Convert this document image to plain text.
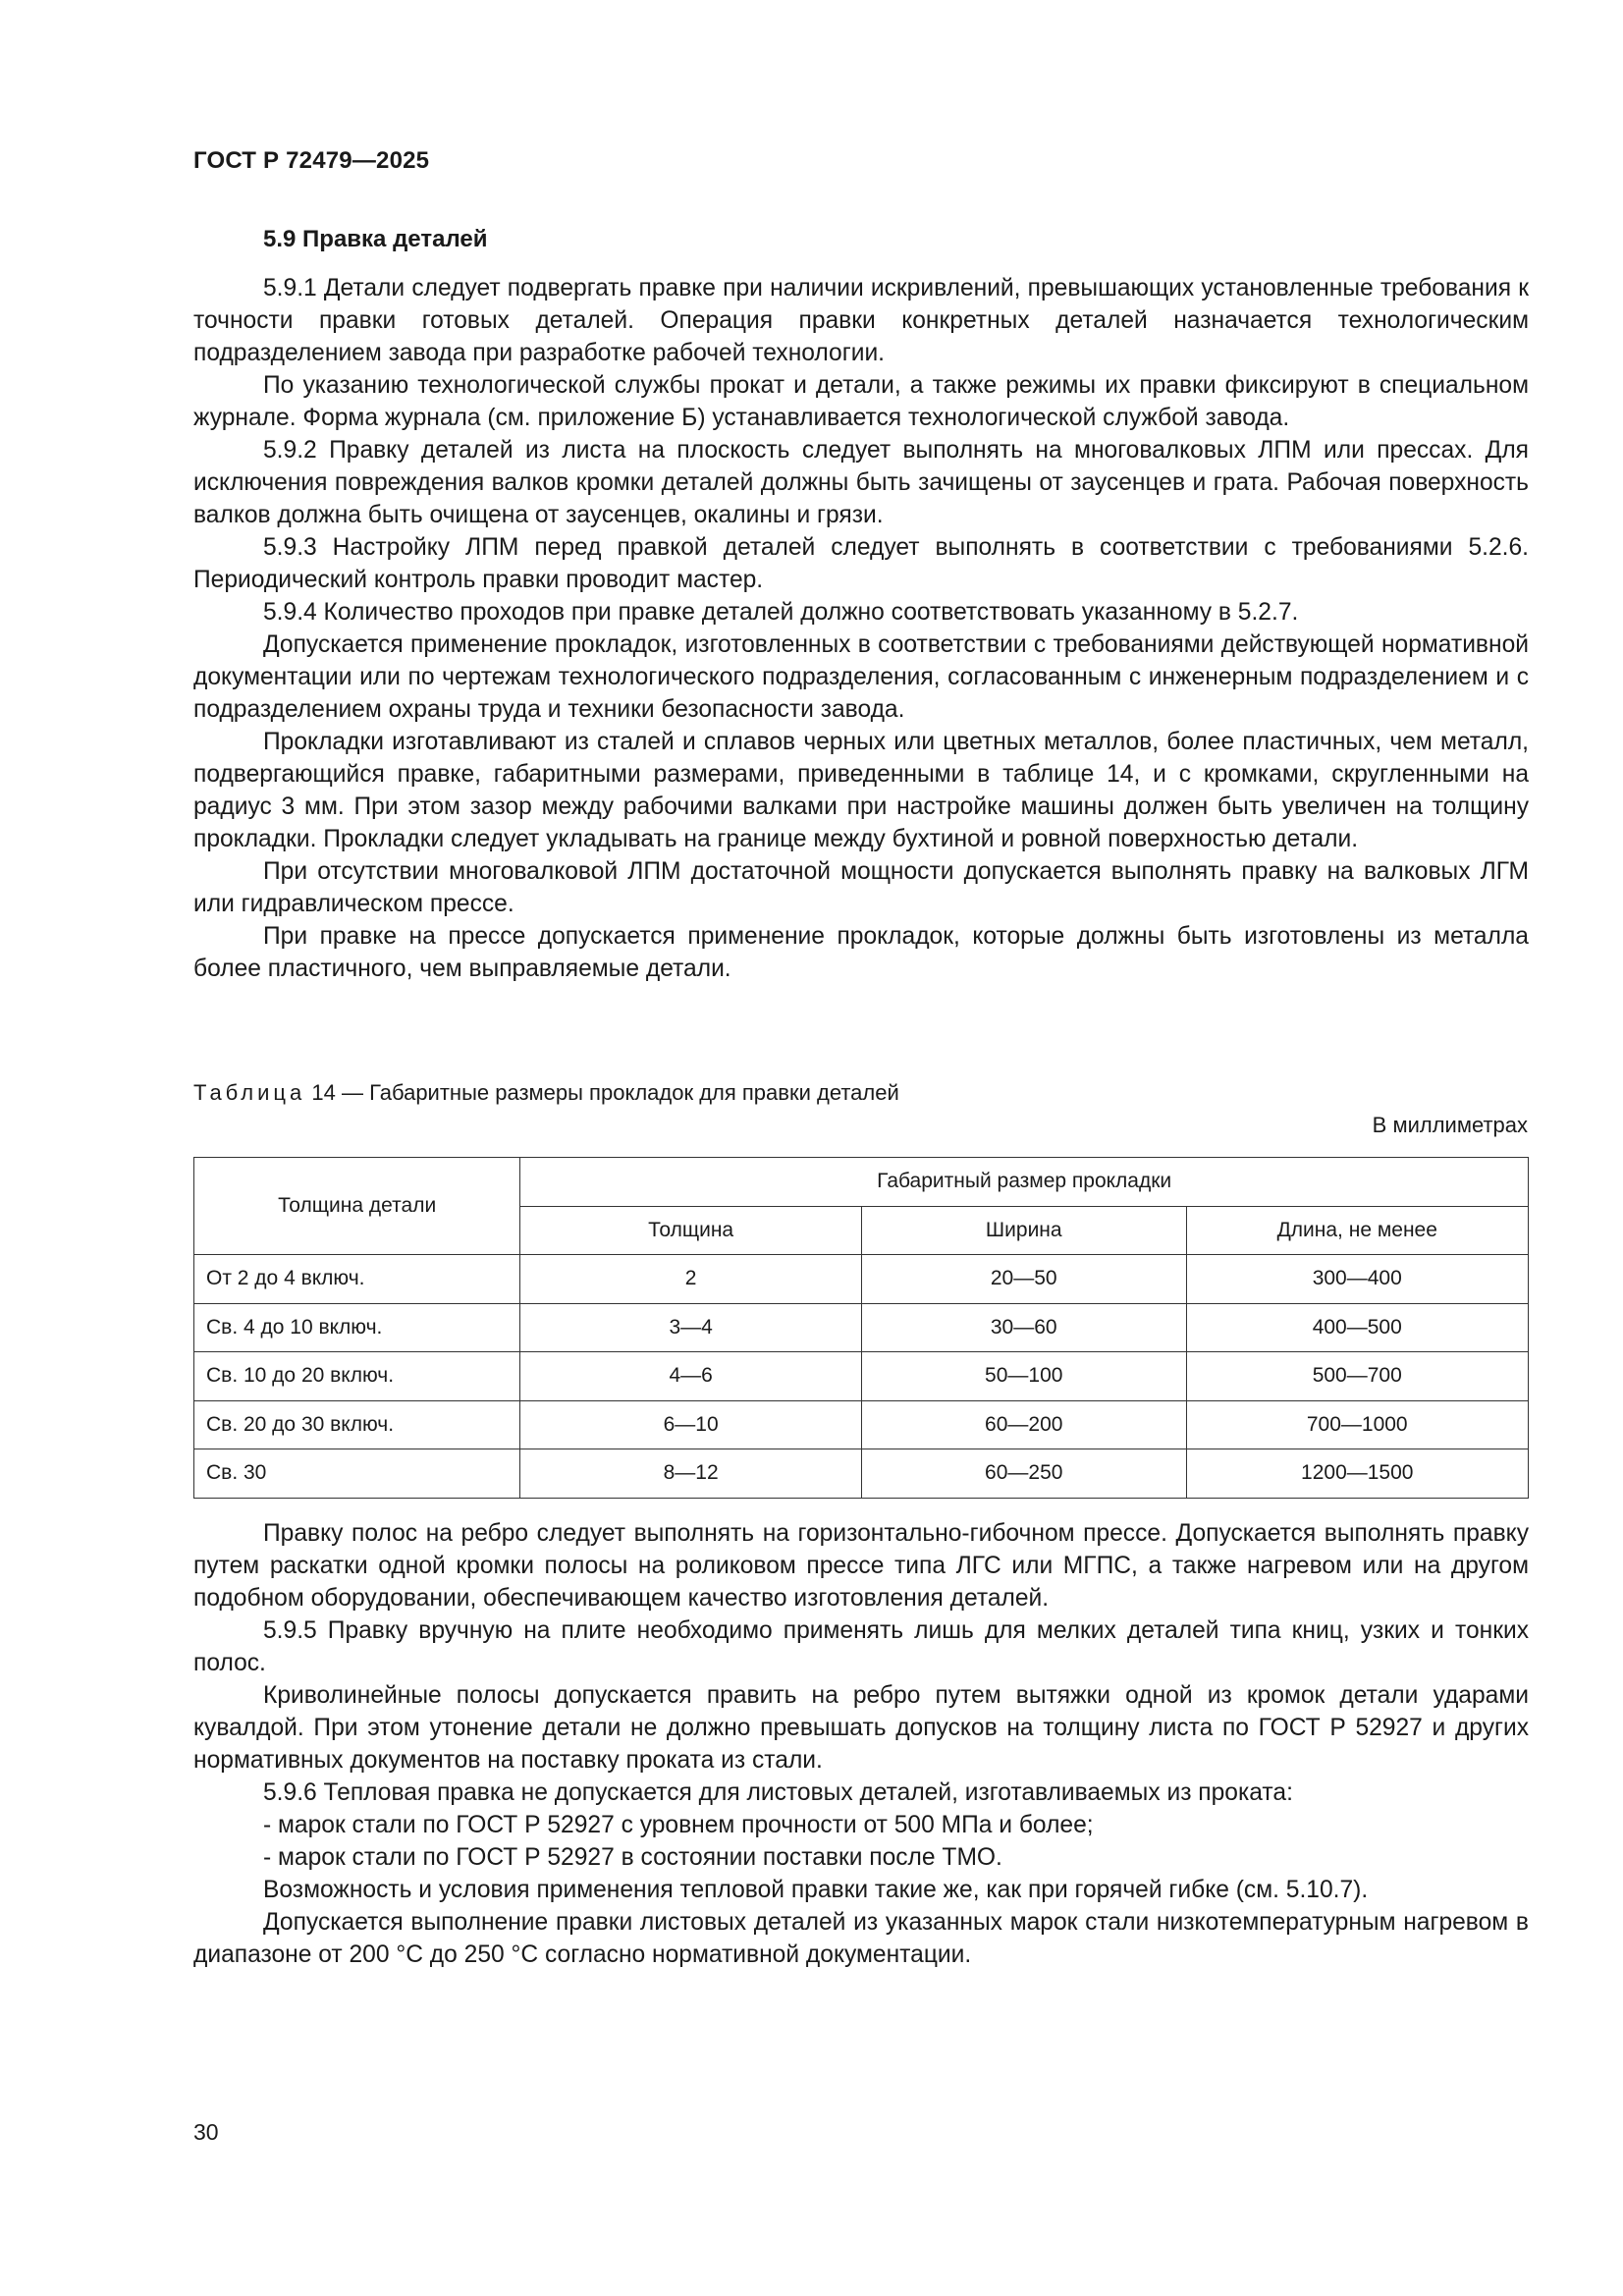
ГОСТ Р 72479—2025
5.9 Правка деталей

5.9.1 Детали следует подвергать правке при наличии искривлений, превышающих установленные требования к точности правки готовых деталей. Операция правки конкретных деталей назначается технологическим подразделением завода при разработке рабочей технологии.

По указанию технологической службы прокат и детали, а также режимы их правки фиксируют в специальном журнале. Форма журнала (см. приложение Б) устанавливается технологической службой завода.

5.9.2 Правку деталей из листа на плоскость следует выполнять на многовалковых ЛПМ или прессах. Для исключения повреждения валков кромки деталей должны быть зачищены от заусенцев и грата. Рабочая поверхность валков должна быть очищена от заусенцев, окалины и грязи.

5.9.3 Настройку ЛПМ перед правкой деталей следует выполнять в соответствии с требованиями 5.2.6. Периодический контроль правки проводит мастер.

5.9.4 Количество проходов при правке деталей должно соответствовать указанному в 5.2.7.

Допускается применение прокладок, изготовленных в соответствии с требованиями действующей нормативной документации или по чертежам технологического подразделения, согласованным с инженерным подразделением и с подразделением охраны труда и техники безопасности завода.

Прокладки изготавливают из сталей и сплавов черных или цветных металлов, более пластичных, чем металл, подвергающийся правке, габаритными размерами, приведенными в таблице 14, и с кромками, скругленными на радиус 3 мм. При этом зазор между рабочими валками при настройке машины должен быть увеличен на толщину прокладки. Прокладки следует укладывать на границе между бухтиной и ровной поверхностью детали.

При отсутствии многовалковой ЛПМ достаточной мощности допускается выполнять правку на валковых ЛГМ или гидравлическом прессе.

При правке на прессе допускается применение прокладок, которые должны быть изготовлены из металла более пластичного, чем выправляемые детали.

Таблица 14 — Габаритные размеры прокладок для правки деталей
В миллиметрах
Толщина детали	Габаритный размер прокладки		
	Толщина	Ширина	Длина, не менее
От 2 до 4 включ.	2	20—50	300—400
Св. 4 до 10 включ.	3—4	30—60	400—500
Св. 10 до 20 включ.	4—6	50—100	500—700
Св. 20 до 30 включ.	6—10	60—200	700—1000
Св. 30	8—12	60—250	1200—1500

Правку полос на ребро следует выполнять на горизонтально-гибочном прессе. Допускается выполнять правку путем раскатки одной кромки полосы на роликовом прессе типа ЛГС или МГПС, а также нагревом или на другом подобном оборудовании, обеспечивающем качество изготовления деталей.

5.9.5 Правку вручную на плите необходимо применять лишь для мелких деталей типа книц, узких и тонких полос.

Криволинейные полосы допускается править на ребро путем вытяжки одной из кромок детали ударами кувалдой. При этом утонение детали не должно превышать допусков на толщину листа по ГОСТ Р 52927 и других нормативных документов на поставку проката из стали.

5.9.6 Тепловая правка не допускается для листовых деталей, изготавливаемых из проката:

- марок стали по ГОСТ Р 52927 с уровнем прочности от 500 МПа и более;

- марок стали по ГОСТ Р 52927 в состоянии поставки после ТМО.

Возможность и условия применения тепловой правки такие же, как при горячей гибке (см. 5.10.7).

Допускается выполнение правки листовых деталей из указанных марок стали низкотемпературным нагревом в диапазоне от 200 °С до 250 °С согласно нормативной документации.

30
